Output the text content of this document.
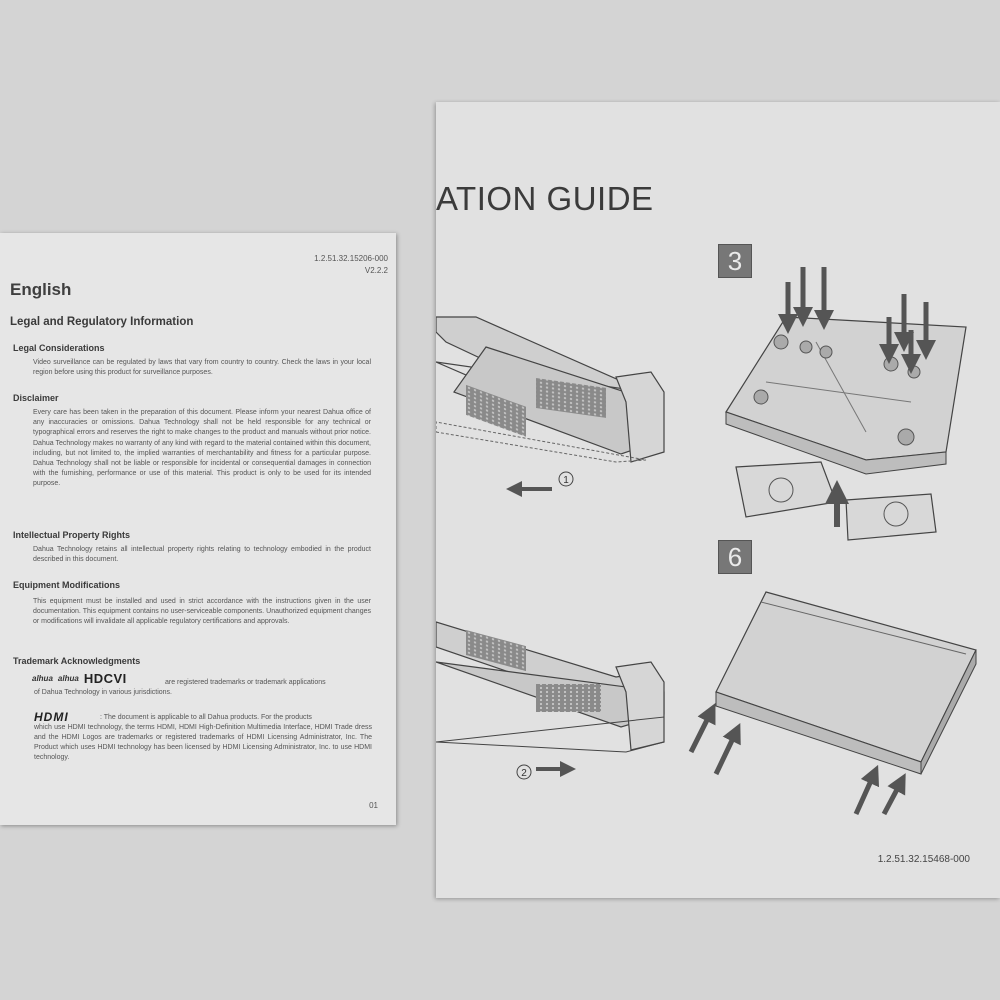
1.2.51.32.15206-000
V2.2.2
English
Legal and Regulatory Information
Legal Considerations
Video surveillance can be regulated by laws that vary from country to country. Check the laws in your local region before using this product for surveillance purposes.
Disclaimer
Every care has been taken in the preparation of this document. Please inform your nearest Dahua office of any inaccuracies or omissions. Dahua Technology shall not be held responsible for any technical or typographical errors and reserves the right to make changes to the product and manuals without prior notice. Dahua Technology makes no warranty of any kind with regard to the material contained within this document, including, but not limited to, the implied warranties of merchantability and fitness for a particular purpose. Dahua Technology shall not be liable or responsible for incidental or consequential damages in connection with the furnishing, performance or use of this material. This product is only to be used for its intended purpose.
Intellectual Property Rights
Dahua Technology retains all intellectual property rights relating to technology embodied in the product described in this document.
Equipment Modifications
This equipment must be installed and used in strict accordance with the instructions given in the user documentation. This equipment contains no user-serviceable components. Unauthorized equipment changes or modifications will invalidate all applicable regulatory certifications and approvals.
Trademark Acknowledgments
alhua alhua HDCVI	are registered trademarks or trademark applications
of Dahua Technology in various jurisdictions.
HDMI	: The document is applicable to all Dahua products. For the products
which use HDMI technology, the terms HDMI, HDMI High-Definition Multimedia Interface, HDMI Trade dress and the HDMI Logos are trademarks or registered trademarks of HDMI Licensing Administrator, Inc. The Product which uses HDMI technology has been licensed by HDMI Licensing Administrator, Inc. to use HDMI technology.
01
ATION GUIDE
1
2
3
6
1.2.51.32.15468-000
